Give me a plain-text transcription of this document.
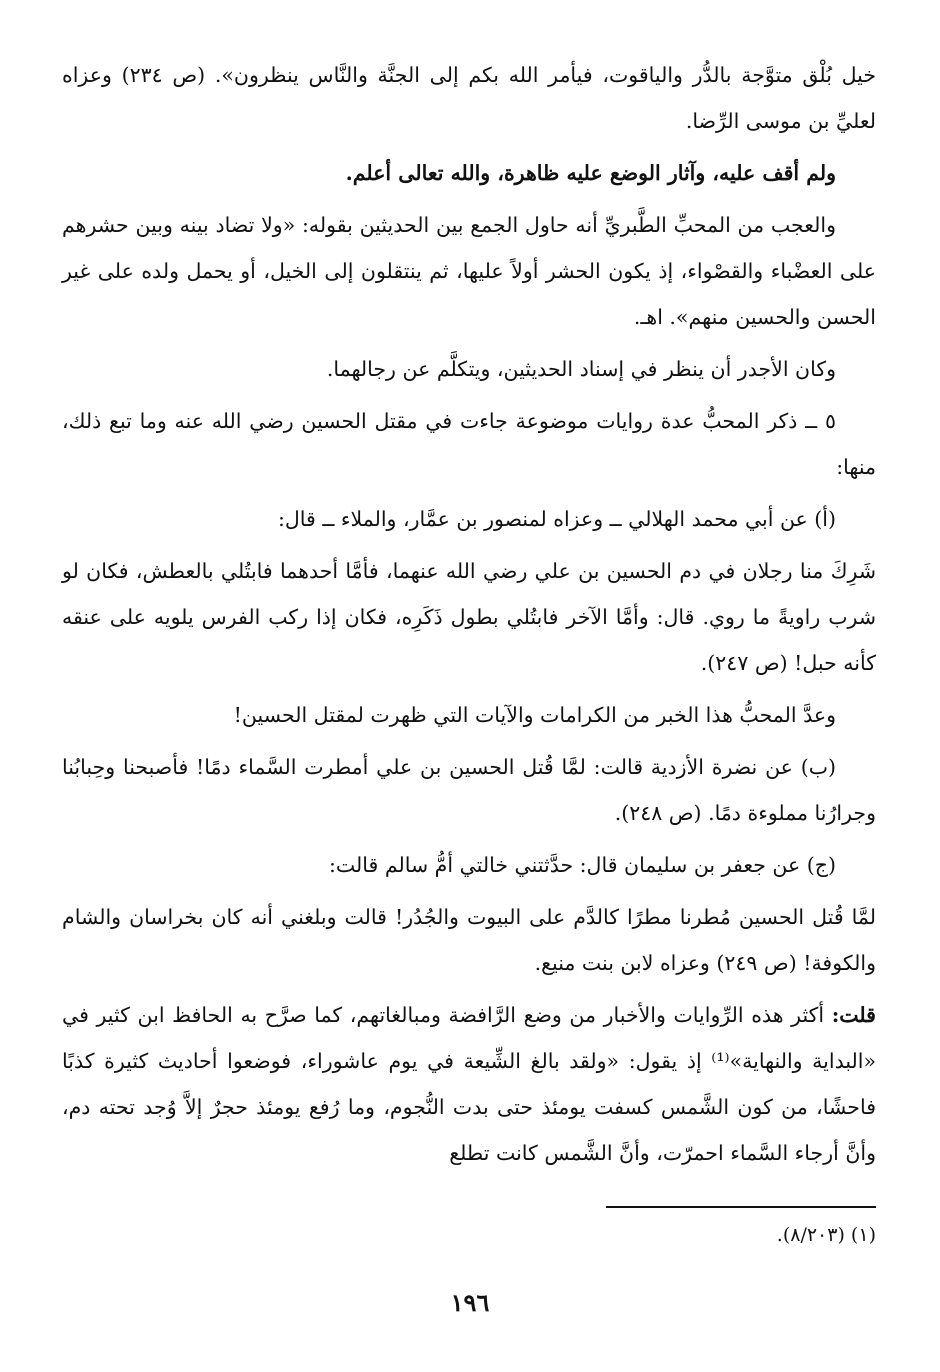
خيل بُلْق متوَّجة بالدُّر والياقوت، فيأمر الله بكم إلى الجنَّة والنَّاس ينظرون». (ص ٢٣٤) وعزاه لعليِّ بن موسى الرِّضا.

ولم أقف عليه، وآثار الوضع عليه ظاهرة، والله تعالى أعلم.

والعجب من المحبِّ الطَّبريِّ أنه حاول الجمع بين الحديثين بقوله: «ولا تضاد بينه وبين حشرهم على العضْباء والقصْواء، إذ يكون الحشر أولاً عليها، ثم ينتقلون إلى الخيل، أو يحمل ولده على غير الحسن والحسين منهم». اهـ.

وكان الأجدر أن ينظر في إسناد الحديثين، ويتكلَّم عن رجالهما.

٥ ــ ذكر المحبُّ عدة روايات موضوعة جاءت في مقتل الحسين رضي الله عنه وما تبع ذلك، منها:

(أ) عن أبي محمد الهلالي ــ وعزاه لمنصور بن عمَّار، والملاء ــ قال:

شَرِكَ منا رجلان في دم الحسين بن علي رضي الله عنهما، فأمَّا أحدهما فابتُلي بالعطش، فكان لو شرب راويةً ما روي. قال: وأمَّا الآخر فابتُلي بطول ذَكَرِه، فكان إذا ركب الفرس يلويه على عنقه كأنه حبل! (ص ٢٤٧).

وعدَّ المحبُّ هذا الخبر من الكرامات والآيات التي ظهرت لمقتل الحسين!

(ب) عن نضرة الأزدية قالت: لمَّا قُتل الحسين بن علي أمطرت السَّماء دمًا! فأصبحنا وحِبابُنا وجرارُنا مملوءة دمًا. (ص ٢٤٨).

(ج) عن جعفر بن سليمان قال: حدَّثتني خالتي أمُّ سالم قالت:

لمَّا قُتل الحسين مُطرنا مطرًا كالدَّم على البيوت والجُدُر! قالت وبلغني أنه كان بخراسان والشام والكوفة! (ص ٢٤٩) وعزاه لابن بنت منيع.

قلت: أكثر هذه الرِّوايات والأخبار من وضع الرَّافضة ومبالغاتهم، كما صرَّح به الحافظ ابن كثير في «البداية والنهاية»⁽¹⁾ إذ يقول: «ولقد بالغ الشِّيعة في يوم عاشوراء، فوضعوا أحاديث كثيرة كذبًا فاحشًا، من كون الشَّمس كسفت يومئذ حتى بدت النُّجوم، وما رُفع يومئذ حجرٌ إلاَّ وُجد تحته دم، وأنَّ أرجاء السَّماء احمرّت، وأنَّ الشَّمس كانت تطلع

(١) (٨/٢٠٣).
١٩٦
